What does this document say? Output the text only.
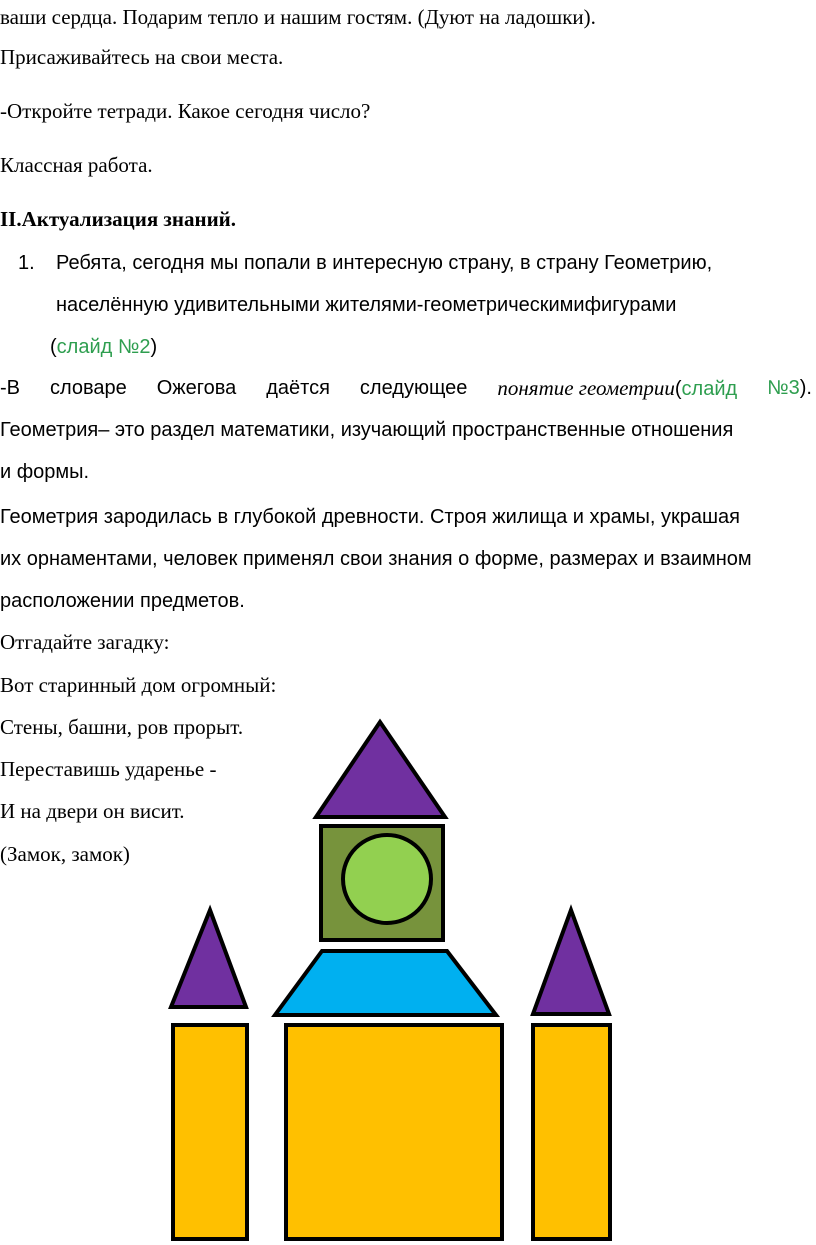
ваши сердца. Подарим тепло и нашим гостям. (Дуют на ладошки).
Присаживайтесь на свои места.
-Откройте тетради. Какое сегодня число?
Классная работа.
II.Актуализация знаний.
1. Ребята, сегодня мы попали в интересную страну, в страну Геометрию,
населённую удивительными жителями-геометрическимифигурами
(слайд №2)
-В словаре Ожегова даётся следующее понятие геометрии(слайд №3).
Геометрия– это раздел математики, изучающий пространственные отношения
и формы.
Геометрия зародилась в глубокой древности. Строя жилища и храмы, украшая
их орнаментами, человек применял свои знания о форме, размерах и взаимном
расположении предметов.
Отгадайте загадку:
Вот старинный дом огромный:
Стены, башни, ров прорыт.
Переставишь ударенье -
И на двери он висит.
(Замок, замок)
